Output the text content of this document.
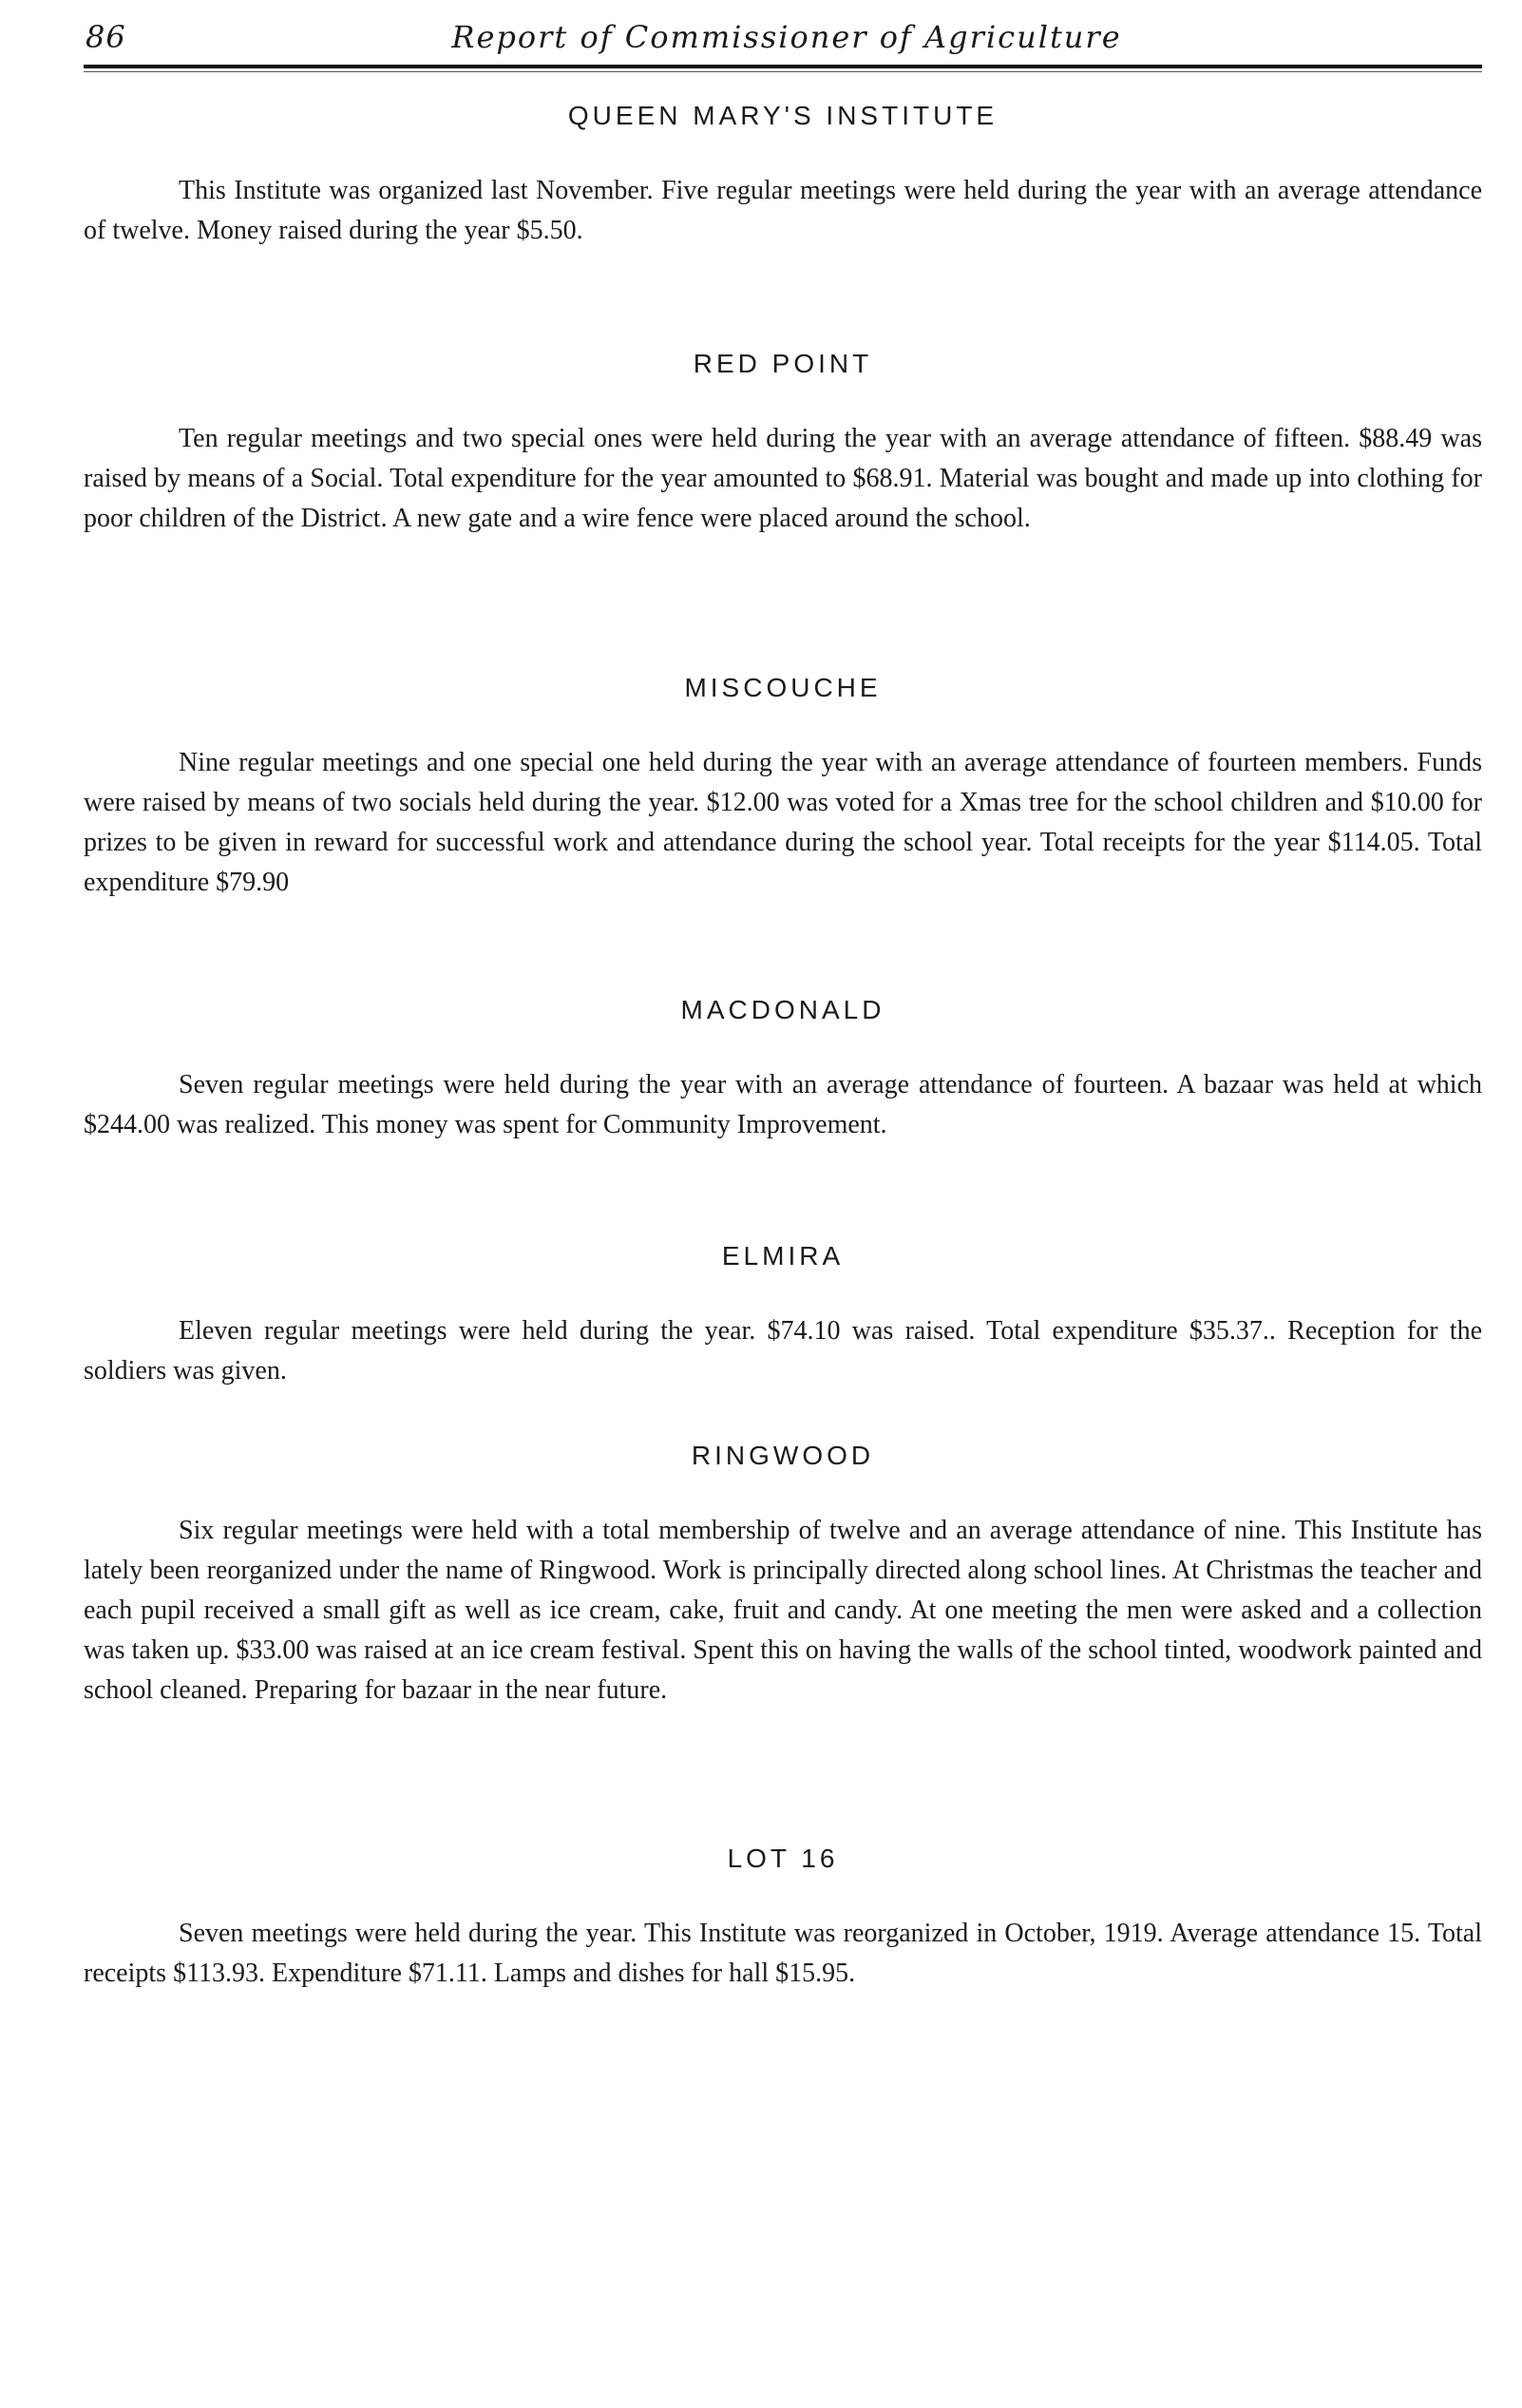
86	Report of Commissioner of Agriculture
QUEEN MARY'S INSTITUTE

This Institute was organized last November. Five regular meetings were held during the year with an average attendance of twelve. Money raised during the year $5.50.

RED POINT

Ten regular meetings and two special ones were held during the year with an average attendance of fifteen. $88.49 was raised by means of a Social. Total expenditure for the year amounted to $68.91. Material was bought and made up into clothing for poor children of the District. A new gate and a wire fence were placed around the school.

MISCOUCHE

Nine regular meetings and one special one held during the year with an average attendance of fourteen members. Funds were raised by means of two socials held during the year. $12.00 was voted for a Xmas tree for the school children and $10.00 for prizes to be given in reward for successful work and attendance during the school year. Total receipts for the year $114.05. Total expenditure $79.90

MACDONALD

Seven regular meetings were held during the year with an average attendance of fourteen. A bazaar was held at which $244.00 was realized. This money was spent for Community Improvement.

ELMIRA

Eleven regular meetings were held during the year. $74.10 was raised. Total expenditure $35.37.. Reception for the soldiers was given.

RINGWOOD

Six regular meetings were held with a total membership of twelve and an average attendance of nine. This Institute has lately been reorganized under the name of Ringwood. Work is principally directed along school lines. At Christmas the teacher and each pupil received a small gift as well as ice cream, cake, fruit and candy. At one meeting the men were asked and a collection was taken up. $33.00 was raised at an ice cream festival. Spent this on having the walls of the school tinted, woodwork painted and school cleaned. Preparing for bazaar in the near future.

LOT 16

Seven meetings were held during the year. This Institute was reorganized in October, 1919. Average attendance 15. Total receipts $113.93. Expenditure $71.11. Lamps and dishes for hall $15.95.
